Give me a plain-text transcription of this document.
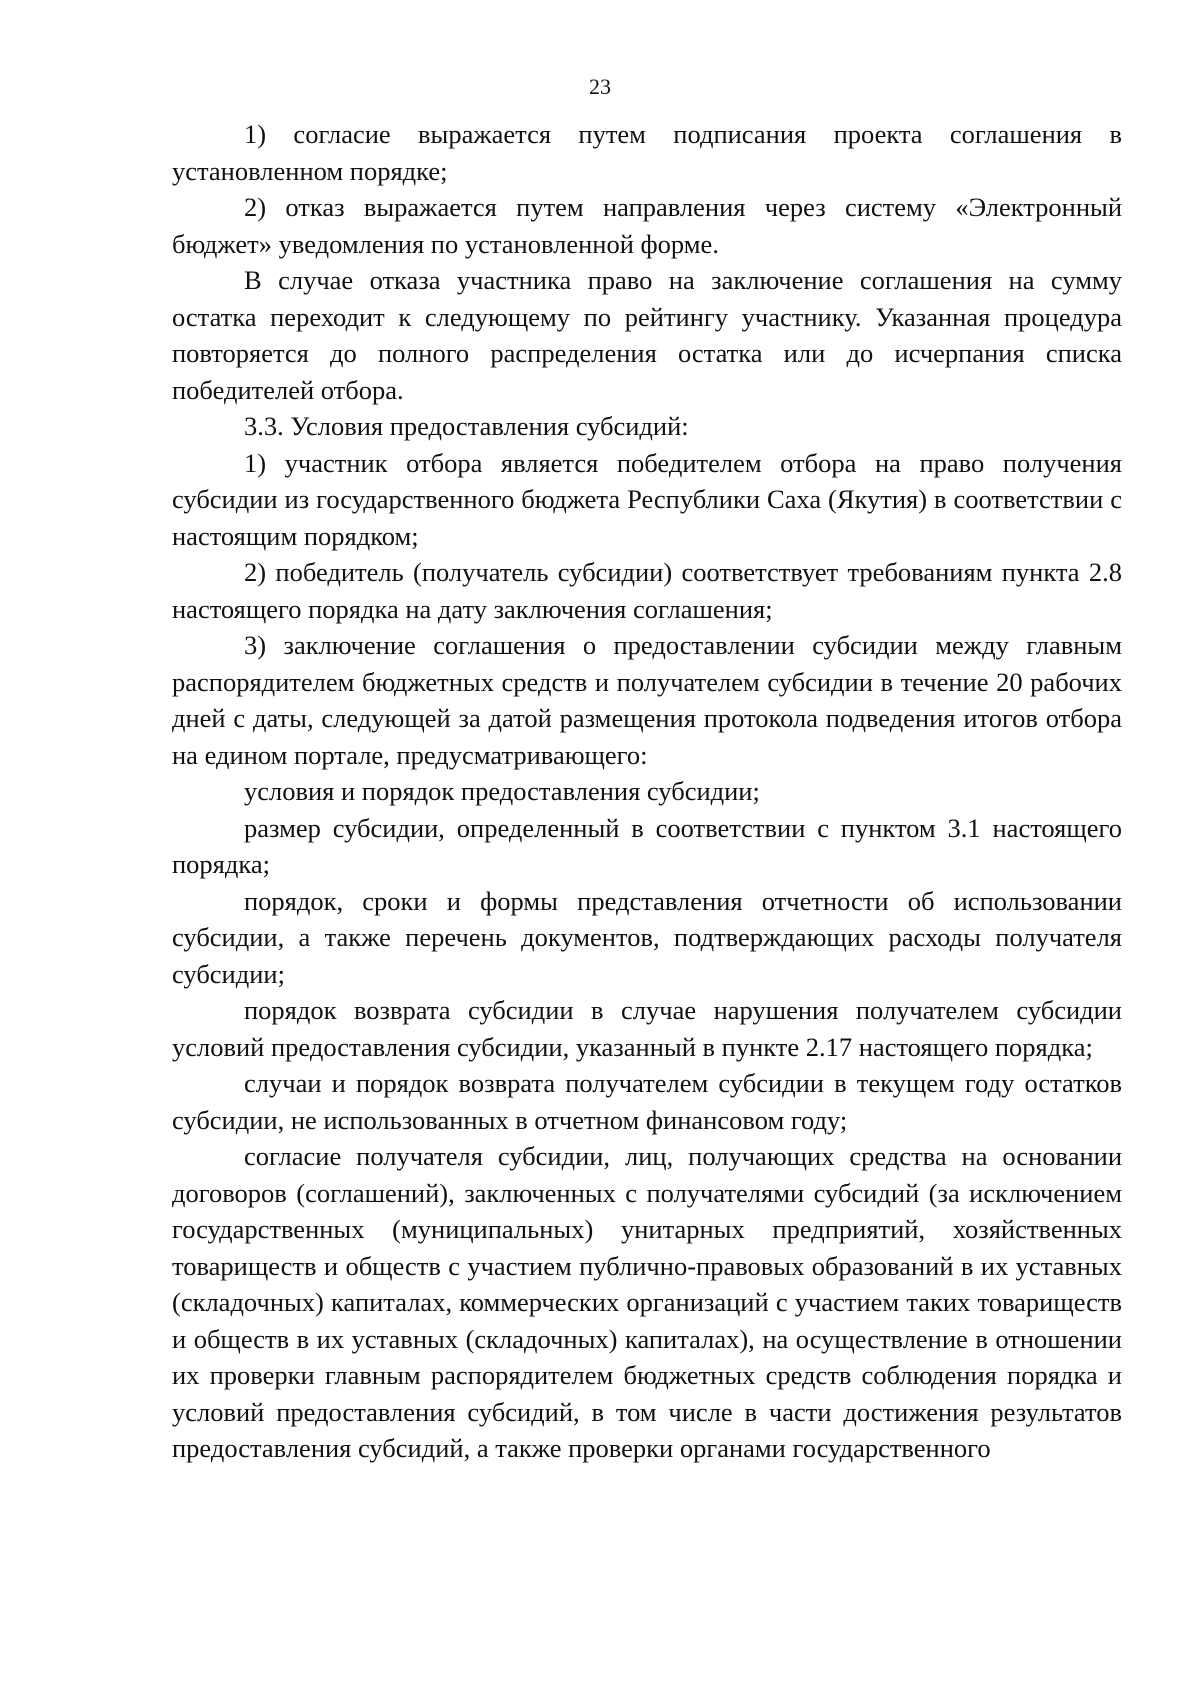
23

1) согласие выражается путем подписания проекта соглашения в установленном порядке;

2) отказ выражается путем направления через систему «Электронный бюджет» уведомления по установленной форме.

В случае отказа участника право на заключение соглашения на сумму остатка переходит к следующему по рейтингу участнику. Указанная процедура повторяется до полного распределения остатка или до исчерпания списка победителей отбора.

3.3. Условия предоставления субсидий:

1) участник отбора является победителем отбора на право получения субсидии из государственного бюджета Республики Саха (Якутия) в соответствии с настоящим порядком;

2) победитель (получатель субсидии) соответствует требованиям пункта 2.8 настоящего порядка на дату заключения соглашения;

3) заключение соглашения о предоставлении субсидии между главным распорядителем бюджетных средств и получателем субсидии в течение 20 рабочих дней с даты, следующей за датой размещения протокола подведения итогов отбора на едином портале, предусматривающего:

условия и порядок предоставления субсидии;

размер субсидии, определенный в соответствии с пунктом 3.1 настоящего порядка;

порядок, сроки и формы представления отчетности об использовании субсидии, а также перечень документов, подтверждающих расходы получателя субсидии;

порядок возврата субсидии в случае нарушения получателем субсидии условий предоставления субсидии, указанный в пункте 2.17 настоящего порядка;

случаи и порядок возврата получателем субсидии в текущем году остатков субсидии, не использованных в отчетном финансовом году;

согласие получателя субсидии, лиц, получающих средства на основании договоров (соглашений), заключенных с получателями субсидий (за исключением государственных (муниципальных) унитарных предприятий, хозяйственных товариществ и обществ с участием публично-правовых образований в их уставных (складочных) капиталах, коммерческих организаций с участием таких товариществ и обществ в их уставных (складочных) капиталах), на осуществление в отношении их проверки главным распорядителем бюджетных средств соблюдения порядка и условий предоставления субсидий, в том числе в части достижения результатов предоставления субсидий, а также проверки органами государственного
